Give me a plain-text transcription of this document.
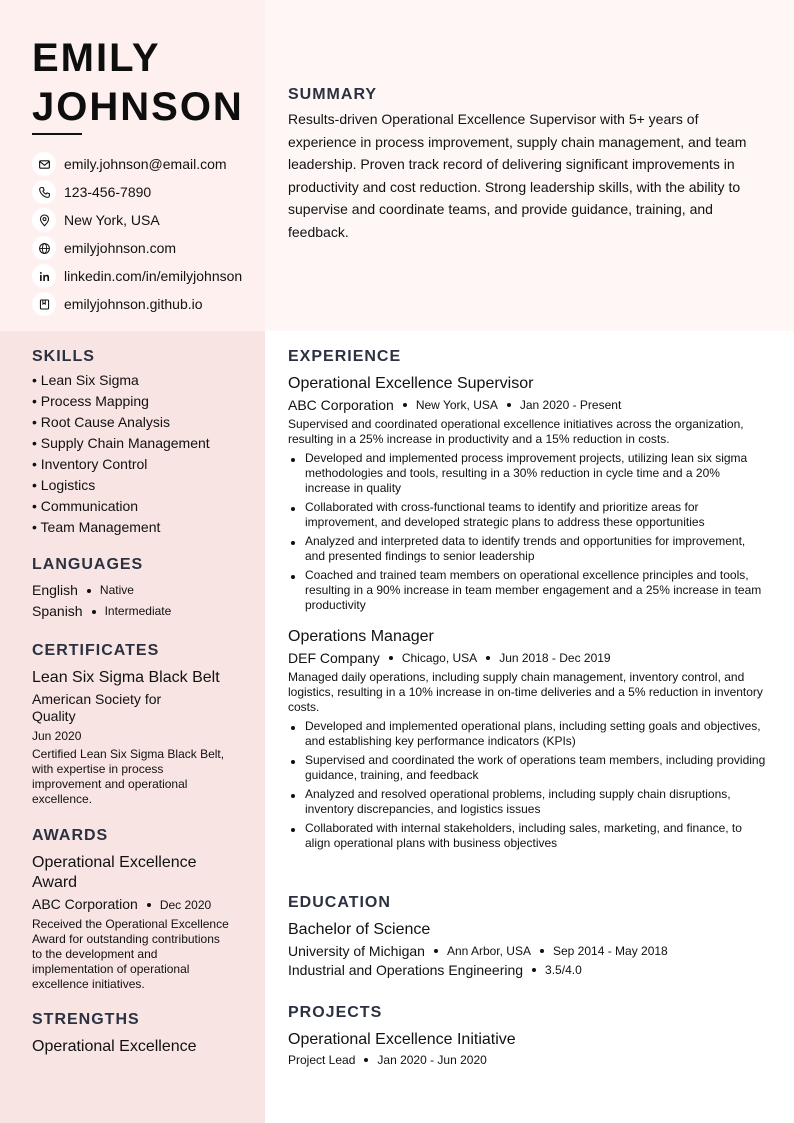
EMILY
JOHNSON
emily.johnson@email.com
123-456-7890
New York, USA
emilyjohnson.com
linkedin.com/in/emilyjohnson
emilyjohnson.github.io
SUMMARY

Results-driven Operational Excellence Supervisor with 5+ years of experience in process improvement, supply chain management, and team leadership. Proven track record of delivering significant improvements in productivity and cost reduction. Strong leadership skills, with the ability to supervise and coordinate teams, and provide guidance, training, and feedback.

SKILLS
• Lean Six Sigma
• Process Mapping
• Root Cause Analysis
• Supply Chain Management
• Inventory Control
• Logistics
• Communication
• Team Management
LANGUAGES
English Native
Spanish Intermediate
CERTIFICATES
Lean Six Sigma Black Belt
American Society for Quality
Jun 2020
Certified Lean Six Sigma Black Belt, with expertise in process improvement and operational excellence.
AWARDS
Operational Excellence Award
ABC Corporation Dec 2020
Received the Operational Excellence Award for outstanding contributions to the development and implementation of operational excellence initiatives.
STRENGTHS
Operational Excellence
EXPERIENCE
Operational Excellence Supervisor
ABC Corporation New York, USA Jan 2020 - Present
Supervised and coordinated operational excellence initiatives across the organization, resulting in a 25% increase in productivity and a 15% reduction in costs.
Developed and implemented process improvement projects, utilizing lean six sigma methodologies and tools, resulting in a 30% reduction in cycle time and a 20% increase in quality
Collaborated with cross-functional teams to identify and prioritize areas for improvement, and developed strategic plans to address these opportunities
Analyzed and interpreted data to identify trends and opportunities for improvement, and presented findings to senior leadership
Coached and trained team members on operational excellence principles and tools, resulting in a 90% increase in team member engagement and a 25% increase in team productivity
Operations Manager
DEF Company Chicago, USA Jun 2018 - Dec 2019
Managed daily operations, including supply chain management, inventory control, and logistics, resulting in a 10% increase in on-time deliveries and a 5% reduction in inventory costs.
Developed and implemented operational plans, including setting goals and objectives, and establishing key performance indicators (KPIs)
Supervised and coordinated the work of operations team members, including providing guidance, training, and feedback
Analyzed and resolved operational problems, including supply chain disruptions, inventory discrepancies, and logistics issues
Collaborated with internal stakeholders, including sales, marketing, and finance, to align operational plans with business objectives
EDUCATION
Bachelor of Science
University of Michigan Ann Arbor, USA Sep 2014 - May 2018
Industrial and Operations Engineering 3.5/4.0
PROJECTS
Operational Excellence Initiative
Project Lead Jan 2020 - Jun 2020
